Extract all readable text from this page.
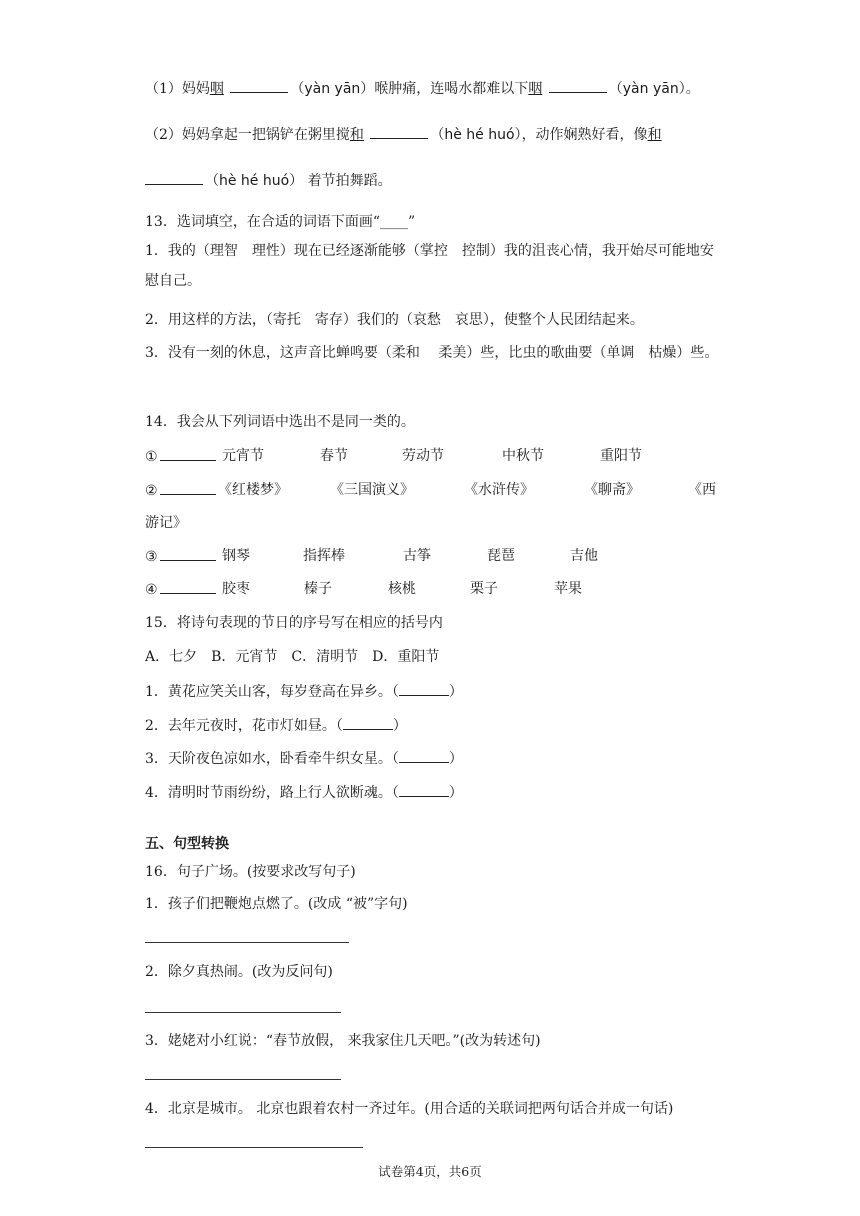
（1）妈妈咽	（yàn yān）喉肿痛，连喝水都难以下咽	（yàn yān）。
（2）妈妈拿起一把锅铲在粥里搅和	（hè hé huó），动作娴熟好看，像和
（hè hé huó） 着节拍舞蹈。
13．选词填空，在合适的词语下面画“____”
1．我的（理智　理性）现在已经逐渐能够（掌控　控制）我的沮丧心情，我开始尽可能地安慰自己。
2．用这样的方法，（寄托　寄存）我们的（哀愁　哀思），使整个人民团结起来。
3．没有一刻的休息，这声音比蝉鸣要（柔和　 柔美）些，比虫的歌曲要（单调　枯燥）些。
14．我会从下列词语中选出不是同一类的。
①	元宵节	春节	劳动节	中秋节	重阳节
②	《红楼梦》	《三国演义》	《水浒传》	《聊斋》	《西
游记》
③	钢琴	指挥棒	古筝	琵琶	吉他
④	胶枣	榛子	核桃	栗子	苹果
15．将诗句表现的节日的序号写在相应的括号内
A．七夕　B．元宵节　C．清明节　D．重阳节
1．黄花应笑关山客，每岁登高在异乡。（	）
2．去年元夜时，花市灯如昼。（	）
3．天阶夜色凉如水，卧看牵牛织女星。（	）
4．清明时节雨纷纷，路上行人欲断魂。（	）
五、句型转换
16．句子广场。(按要求改写句子)
1．孩子们把鞭炮点燃了。(改成 “被”字句)
2．除夕真热闹。(改为反问句)
3．姥姥对小红说：“春节放假， 来我家住几天吧。”(改为转述句)
4．北京是城市。 北京也跟着农村一齐过年。(用合适的关联词把两句话合并成一句话)
试卷第4页，共6页
